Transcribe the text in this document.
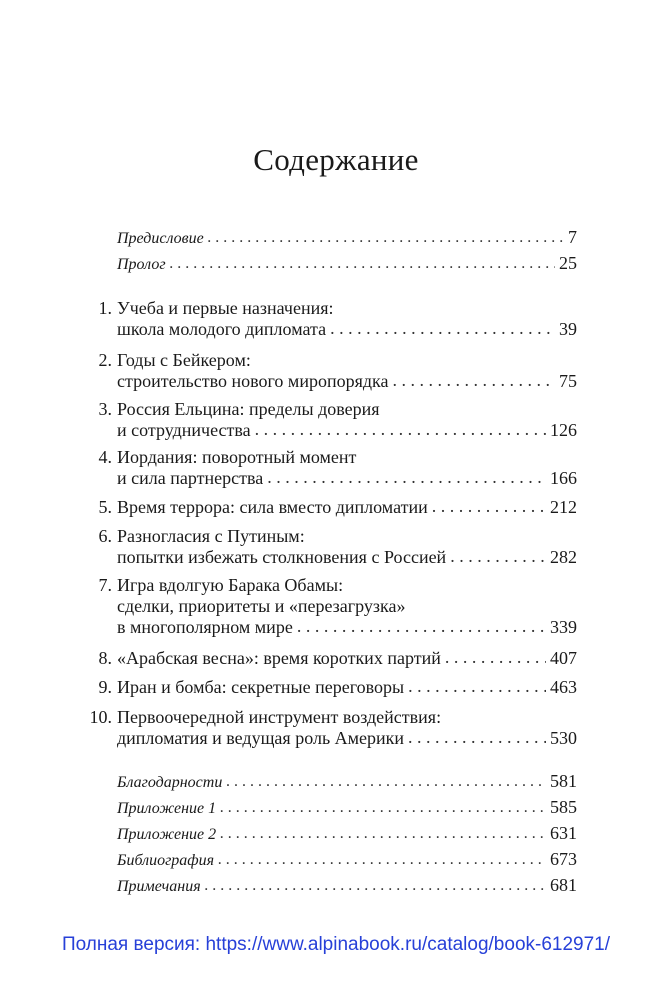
Содержание
Предисловие . . .	7
Пролог . . .	25
1. Учеба и первые назначения:
школа молодого дипломата . . .	39
2. Годы с Бейкером:
строительство нового миропорядка . . .	75
3. Россия Ельцина: пределы доверия
и сотрудничества . . .	126
4. Иордания: поворотный момент
и сила партнерства . . .	166
5. Время террора: сила вместо дипломатии . . .	212
6. Разногласия с Путиным:
попытки избежать столкновения с Россией . . .	282
7. Игра вдолгую Барака Обамы:
сделки, приоритеты и «перезагрузка»
в многополярном мире . . .	339
8. «Арабская весна»: время коротких партий . . .	407
9. Иран и бомба: секретные переговоры . . .	463
10. Первоочередной инструмент воздействия:
дипломатия и ведущая роль Америки . . .	530
Благодарности . . .	581
Приложение 1 . . .	585
Приложение 2 . . .	631
Библиография . . .	673
Примечания . . .	681
Полная версия: https://www.alpinabook.ru/catalog/book-612971/
